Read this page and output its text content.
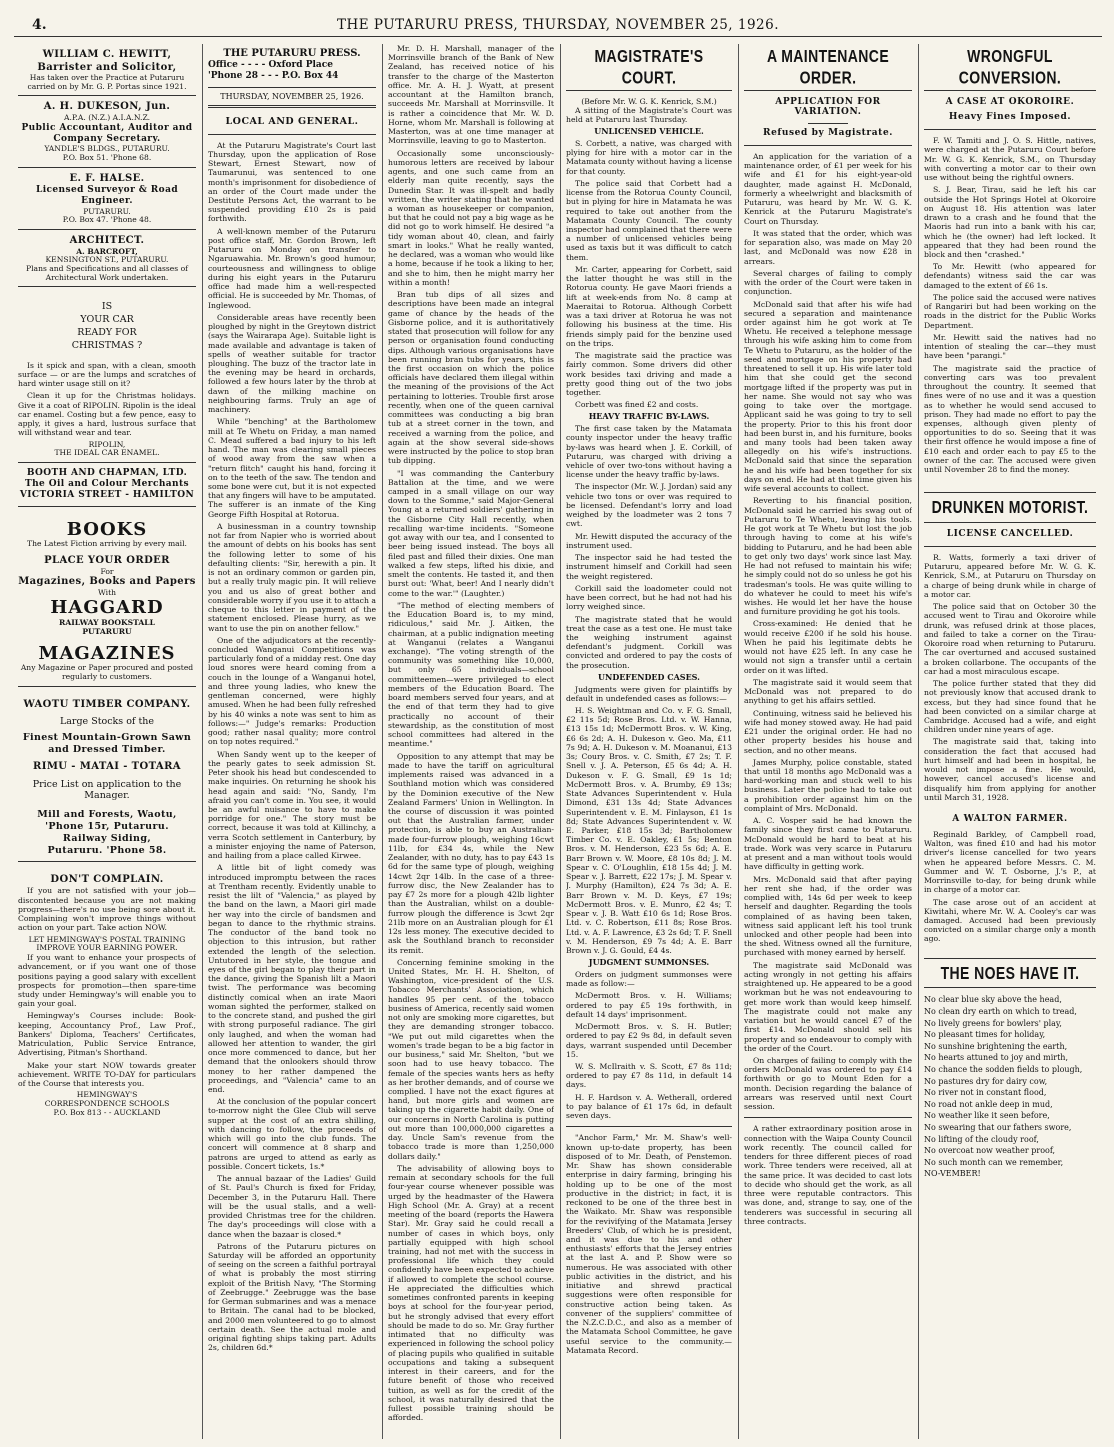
4.	THE PUTARURU PRESS, THURSDAY, NOVEMBER 25, 1926.
WILLIAM C. HEWITT,
Barrister and Solicitor,
Has taken over the Practice at Putaruru carried on by Mr. G. P. Portas since 1921.
A. H. DUKESON, Jun.
A.P.A. (N.Z.) A.I.A.N.Z.
Public Accountant, Auditor and Company Secretary.
YANDLE'S BLDGS., PUTARURU.
P.O. Box 51. 'Phone 68.
E. F. HALSE.
Licensed Surveyor & Road Engineer.
PUTARURU.
P.O. Box 47. 'Phone 48.
ARCHITECT.
A. BARCROFT,
KENSINGTON ST., PUTARURU.
Plans and Specifications and all classes of Architectural Work undertaken.
IS
YOUR CAR
READY FOR
CHRISTMAS ?

Is it spick and span, with a clean, smooth surface — or are the lumps and scratches of hard winter usage still on it?

Clean it up for the Christmas holidays. Give it a coat of RIPOLIN. Ripolin is the ideal car enamel. Costing but a few pence, easy to apply, it gives a hard, lustrous surface that will withstand wear and tear.

RIPOLIN,
THE IDEAL CAR ENAMEL.
BOOTH AND CHAPMAN, LTD.
The Oil and Colour Merchants
VICTORIA STREET - HAMILTON
BOOKS
The Latest Fiction arriving by every mail.
PLACE YOUR ORDER
For
Magazines, Books and Papers
With
HAGGARD
RAILWAY BOOKSTALL
PUTARURU
MAGAZINES
Any Magazine or Paper procured and posted regularly to customers.
WAOTU TIMBER COMPANY.
Large Stocks of the
Finest Mountain-Grown Sawn and Dressed Timber.
RIMU - MATAI - TOTARA
Price List on application to the Manager.
Mill and Forests, Waotu,
'Phone 15r, Putaruru.
Railway Siding,
Putaruru. 'Phone 58.
DON'T COMPLAIN.

If you are not satisfied with your job—discontented because you are not making progress—there's no use being sore about it. Complaining won't improve things without action on your part. Take action NOW.

LET HEMINGWAY'S POSTAL TRAINING IMPROVE YOUR EARNING POWER.

If you want to enhance your prospects of advancement, or if you want one of those positions paying a good salary with excellent prospects for promotion—then spare-time study under Hemingway's will enable you to gain your goal.

Hemingway's Courses include: Book-keeping, Accountancy Prof., Law Prof., Bankers' Diploma, Teachers' Certificates, Matriculation, Public Service Entrance, Advertising, Pitman's Shorthand.

Make your start NOW towards greater achievement. WRITE TO-DAY for particulars of the Course that interests you.

HEMINGWAY'S
CORRESPONDENCE SCHOOLS
P.O. Box 813 - - AUCKLAND
THE PUTARURU PRESS.
Office - - - - Oxford Place
'Phone 28 - - - P.O. Box 44
THURSDAY, NOVEMBER 25, 1926.
LOCAL AND GENERAL.

At the Putaruru Magistrate's Court last Thursday, upon the application of Rose Stewart, Ernest Stewart, now of Taumarunui, was sentenced to one month's imprisonment for disobedience of an order of the Court made under the Destitute Persons Act, the warrant to be suspended providing £10 2s is paid forthwith.

A well-known member of the Putaruru post office staff, Mr. Gordon Brown, left Putaruru on Monday on transfer to Ngaruawahia. Mr. Brown's good humour, courteousness and willingness to oblige during his eight years in the Putaruru office had made him a well-respected official. He is succeeded by Mr. Thomas, of Inglewood.

Considerable areas have recently been ploughed by night in the Greytown district (says the Wairarapa Age). Suitable light is made available and advantage is taken of spells of weather suitable for tractor ploughing. The buzz of the tractor late in the evening may be heard in orchards, followed a few hours later by the throb at dawn of the milking machine on neighbouring farms. Truly an age of machinery.

While "benching" at the Bartholomew mill at Te Whetu on Friday, a man named C. Mead suffered a bad injury to his left hand. The man was clearing small pieces of wood away from the saw when a "return flitch" caught his hand, forcing it on to the teeth of the saw. The tendon and some bone were cut, but it is not expected that any fingers will have to be amputated. The sufferer is an inmate of the King George Fifth Hospital at Rotorua.

A businessman in a country township not far from Napier who is worried about the amount of debts on his books has sent the following letter to some of his defaulting clients: "Sir, herewith a pin. It is not an ordinary common or garden pin, but a really truly magic pin. It will relieve you and us also of great bother and considerable worry if you use it to attach a cheque to this letter in payment of the statement enclosed. Please hurry, as we want to use the pin on another fellow."

One of the adjudicators at the recently-concluded Wanganui Competitions was particularly fond of a midday rest. One day loud snores were heard coming from a couch in the lounge of a Wanganui hotel, and three young ladies, who knew the gentleman concerned, were highly amused. When he had been fully refreshed by his 40 winks a note was sent to him as follows:—" Judge's remarks: Production good; rather nasal quality; more control on top notes required."

When Sandy went up to the keeper of the pearly gates to seek admission St. Peter shook his head but condescended to make inquiries. On returning he shook his head again and said: "No, Sandy, I'm afraid you can't come in. You see, it would be an awful nuisance to have to make porridge for one." The story must be correct, because it was told at Killinchy, a verra Scotch settlement in Canterbury, by a minister enjoying the name of Paterson, and hailing from a place called Kirwee.

A little bit of light comedy was introduced impromptu between the races at Trentham recently. Evidently unable to resist the lilt of "Valencia," as played by the band on the lawn, a Maori girl made her way into the circle of bandsmen and began to dance to the rhythmic strains. The conductor of the band took no objection to this intrusion, but rather extended the length of the selection. Untutored in her style, the tongue and eyes of the girl began to play their part in the dance, giving the Spanish lilt a Maori twist. The performance was becoming distinctly comical when an irate Maori woman sighted the performer, stalked on to the concrete stand, and pushed the girl with strong purposeful radiance. The girl only laughed, and when the woman had allowed her attention to wander, the girl once more commenced to dance, but her demand that the onlookers should throw money to her rather dampened the proceedings, and "Valencia" came to an end.

At the conclusion of the popular concert to-morrow night the Glee Club will serve supper at the cost of an extra shilling, with dancing to follow, the proceeds of which will go into the club funds. The concert will commence at 8 sharp and patrons are urged to attend as early as possible. Concert tickets, 1s.*

The annual bazaar of the Ladies' Guild of St. Paul's Church is fixed for Friday, December 3, in the Putaruru Hall. There will be the usual stalls, and a well-provided Christmas tree for the children. The day's proceedings will close with a dance when the bazaar is closed.*

Patrons of the Putaruru pictures on Saturday will be afforded an opportunity of seeing on the screen a faithful portrayal of what is probably the most stirring exploit of the British Navy, "The Storming of Zeebrugge." Zeebrugge was the base for German submarines and was a menace to Britain. The canal had to be blocked, and 2000 men volunteered to go to almost certain death. See the actual mole and original fighting ships taking part. Adults 2s, children 6d.*

Mr. D. H. Marshall, manager of the Morrinsville branch of the Bank of New Zealand, has received notice of his transfer to the charge of the Masterton office. Mr. A. H. J. Wyatt, at present accountant at the Hamilton branch, succeeds Mr. Marshall at Morrinsville. It is rather a coincidence that Mr. W. D. Horne, whom Mr. Marshall is following at Masterton, was at one time manager at Morrinsville, leaving to go to Masterton.

Occasionally some unconsciously-humorous letters are received by labour agents, and one such came from an elderly man quite recently, says the Dunedin Star. It was ill-spelt and badly written, the writer stating that he wanted a woman as housekeeper or companion, but that he could not pay a big wage as he did not go to work himself. He desired "a tidy woman about 40, clean, and fairly smart in looks." What he really wanted, he declared, was a woman who would like a home, because if he took a liking to her, and she to him, then he might marry her within a month!

Bran tub dips of all sizes and descriptions have been made an integral game of chance by the heads of the Gisborne police, and it is authoritatively stated that prosecution will follow for any person or organisation found conducting dips. Although various organisations have been running bran tubs for years, this is the first occasion on which the police officials have declared them illegal within the meaning of the provisions of the Act pertaining to lotteries. Trouble first arose recently, when one of the queen carnival committees was conducting a big bran tub at a street corner in the town, and received a warning from the police, and again at the show several side-shows were instructed by the police to stop bran tub dipping.

"I was commanding the Canterbury Battalion at the time, and we were camped in a small village on our way down to the Somme," said Major-General Young at a returned soldiers' gathering in the Gisborne City Hall recently, when recalling war-time incidents. "Someone got away with our tea, and I consented to beer being issued instead. The boys all filed past and filled their dixies. One man walked a few steps, lifted his dixie, and smelt the contents. He tasted it, and then burst out: 'What, beer! And I nearly didn't come to the war.'" (Laughter.)

"The method of electing members of the Education Board is, to my mind, ridiculous," said Mr. J. Aitken, the chairman, at a public indignation meeting at Wanganui (relates a Wanganui exchange). "The voting strength of the community was something like 10,000, but only 65 individuals—school committeemen—were privileged to elect members of the Education Board. The board members served four years, and at the end of that term they had to give practically no account of their stewardship, as the constitution of most school committees had altered in the meantime."

Opposition to any attempt that may be made to have the tariff on agricultural implements raised was advanced in a Southland motion which was considered by the Dominion executive of the New Zealand Farmers' Union in Wellington. In the course of discussion it was pointed out that the Australian farmer, under protection, is able to buy an Australian-made four-furrow plough, weighing 16cwt 11lb, for £34 4s, while the New Zealander, with no duty, has to pay £43 1s 6d for the same type of plough, weighing 14cwt 2qr 14lb. In the case of a three-furrow disc, the New Zealander has to pay £7 2s more for a plough 42lb lighter than the Australian, whilst on a double-furrow plough the difference is 3cwt 2qr 21lb more on an Australian plough for £1 12s less money. The executive decided to ask the Southland branch to reconsider its remit.

Concerning feminine smoking in the United States, Mr. H. H. Shelton, of Washington, vice-president of the U.S. Tobacco Merchants' Association, which handles 95 per cent. of the tobacco business of America, recently said women not only are smoking more cigarettes, but they are demanding stronger tobacco. "We put out mild cigarettes when the women's trade began to be a big factor in our business," said Mr. Shelton, "but we soon had to use heavy tobacco. The female of the species wants hers as hefty as her brother demands, and of course we complied. I have not the exact figures at hand, but more girls and women are taking up the cigarette habit daily. One of our concerns in North Carolina is putting out more than 100,000,000 cigarettes a day. Uncle Sam's revenue from the tobacco trade is more than 1,250,000 dollars daily."

The advisability of allowing boys to remain at secondary schools for the full four-year course whenever possible was urged by the headmaster of the Hawera High School (Mr. A. Gray) at a recent meeting of the board (reports the Hawera Star). Mr. Gray said he could recall a number of cases in which boys, only partially equipped with high school training, had not met with the success in professional life which they could confidently have been expected to achieve if allowed to complete the school course. He appreciated the difficulties which sometimes confronted parents in keeping boys at school for the four-year period, but he strongly advised that every effort should be made to do so. Mr. Gray further intimated that no difficulty was experienced in following the school policy of placing pupils who qualified in suitable occupations and taking a subsequent interest in their careers, and for the future benefit of those who received tuition, as well as for the credit of the school, it was naturally desired that the fullest possible training should be afforded.

MAGISTRATE'S COURT.
(Before Mr. W. G. K. Kenrick, S.M.)

A sitting of the Magistrate's Court was held at Putaruru last Thursday.

UNLICENSED VEHICLE.

S. Corbett, a native, was charged with plying for hire with a motor car in the Matamata county without having a license for that county.

The police said that Corbett had a license from the Rotorua County Council, but in plying for hire in Matamata he was required to take out another from the Matamata County Council. The county inspector had complained that there were a number of unlicensed vehicles being used as taxis but it was difficult to catch them.

Mr. Carter, appearing for Corbett, said the latter thought he was still in the Rotorua county. He gave Maori friends a lift at week-ends from No. 8 camp at Maeraitai to Rotorua. Although Corbett was a taxi driver at Rotorua he was not following his business at the time. His friends simply paid for the benzine used on the trips.

The magistrate said the practice was fairly common. Some drivers did other work besides taxi driving and made a pretty good thing out of the two jobs together.

Corbett was fined £2 and costs.

HEAVY TRAFFIC BY-LAWS.

The first case taken by the Matamata county inspector under the heavy traffic by-laws was heard when J. E. Corkill, of Putaruru, was charged with driving a vehicle of over two-tons without having a license under the heavy traffic by-laws.

The inspector (Mr. W. J. Jordan) said any vehicle two tons or over was required to be licensed. Defendant's lorry and load weighed by the loadmeter was 2 tons 7 cwt.

Mr. Hewitt disputed the accuracy of the instrument used.

The inspector said he had tested the instrument himself and Corkill had seen the weight registered.

Corkill said the loadometer could not have been correct, but he had not had his lorry weighed since.

The magistrate stated that he would treat the case as a test one. He must take the weighing instrument against defendant's judgment. Corkill was convicted and ordered to pay the costs of the prosecution.

UNDEFENDED CASES.

Judgments were given for plaintiffs by default in undefended cases as follows:—

H. S. Weightman and Co. v. F. G. Small, £2 11s 5d; Rose Bros. Ltd. v. W. Hanna, £13 15s 1d; McDermott Bros. v. W. King, £6 6s 2d; A. H. Dukeson v. Geo. Ma, £11 7s 9d; A. H. Dukeson v. M. Moananui, £13 3s; Coury Bros. v. C. Smith, £7 2s; T. F. Snell v. J. A. Peterson, £5 6s 4d; A. H. Dukeson v. F. G. Small, £9 1s 1d; McDermott Bros. v. A. Brumby, £9 13s; State Advances Superintendent v. Hula Dimond, £31 13s 4d; State Advances Superintendent v. E. M. Finlayson, £1 1s 8d; State Advances Superintendent v. W. E. Parker, £18 15s 3d; Bartholomew Timber Co. v. E. Oakley, £1 5s; Benton Bros. v. M. Henderson, £23 5s 6d; A. E. Barr Brown v. W. Moore, £8 10s 8d; J. M. Spear v. C. O'Loughlin, £18 15s 4d; J. M. Spear v. J. Barrett, £22 17s; J. M. Spear v. J. Murphy (Hamilton), £24 7s 3d; A. E. Barr Brown v. M. D. Keys, £7 19s; McDermott Bros. v. E. Munro, £2 4s; T. Spear v. J. B. Watt £10 6s 1d; Rose Bros. Ltd. v. C. Robertson, £11 8s; Rose Bros. Ltd. v. A. F. Lawrence, £3 2s 6d; T. F. Snell v. M. Henderson, £9 7s 4d; A. E. Barr Brown v. J. G. Gould, £4 4s.

JUDGMENT SUMMONSES.

Orders on judgment summonses were made as follow:—

McDermott Bros. v. H. Williams; ordered to pay £5 19s forthwith, in default 14 days' imprisonment.

McDermott Bros. v. S. H. Butler; ordered to pay £2 9s 8d, in default seven days, warrant suspended until December 15.

W. S. McIlraith v. S. Scott, £7 8s 11d; ordered to pay £7 8s 11d, in default 14 days.

H. F. Hardson v. A. Wetherall, ordered to pay balance of £1 17s 6d, in default seven days.

"Anchor Farm," Mr. M. Shaw's well-known up-to-date property, has been disposed of to Mr. Death, of Penstemon. Mr. Shaw has shown considerable enterprise in dairy farming, bringing his holding up to be one of the most productive in the district; in fact, it is reckoned to be one of the three best in the Waikato. Mr. Shaw was responsible for the revivifying of the Matamata Jersey Breeders' Club, of which he is president, and it was due to his and other enthusiasts' efforts that the Jersey entries at the last A. and P. Show were so numerous. He was associated with other public activities in the district, and his initiative and shrewd practical suggestions were often responsible for constructive action being taken. As convener of the suppliers' committee of the N.Z.C.D.C., and also as a member of the Matamata School Committee, he gave useful service to the community.—Matamata Record.

A MAINTENANCE ORDER.
APPLICATION FOR VARIATION.
Refused by Magistrate.

An application for the variation of a maintenance order, of £1 per week for his wife and £1 for his eight-year-old daughter, made against H. McDonald, formerly a wheelwright and blacksmith of Putaruru, was heard by Mr. W. G. K. Kenrick at the Putaruru Magistrate's Court on Thursday.

It was stated that the order, which was for separation also, was made on May 20 last, and McDonald was now £28 in arrears.

Several charges of failing to comply with the order of the Court were taken in conjunction.

McDonald said that after his wife had secured a separation and maintenance order against him he got work at Te Whetu. He received a telephone message through his wife asking him to come from Te Whetu to Putaruru, as the holder of the seed and mortgage on his property had threatened to sell it up. His wife later told him that she could get the second mortgage lifted if the property was put in her name. She would not say who was going to take over the mortgage. Applicant said he was going to try to sell the property. Prior to this his front door had been burst in, and his furniture, books and many tools had been taken away allegedly on his wife's instructions. McDonald said that since the separation he and his wife had been together for six days on end. He had at that time given his wife several accounts to collect.

Reverting to his financial position, McDonald said he carried his swag out of Putaruru to Te Whetu, leaving his tools. He got work at Te Whetu but lost the job through having to come at his wife's bidding to Putaruru, and he had been able to get only two days' work since last May. He had not refused to maintain his wife; he simply could not do so unless he got his tradesman's tools. He was quite willing to do whatever he could to meet his wife's wishes. He would let her have the house and furniture providing he got his tools.

Cross-examined: He denied that he would receive £200 if he sold his house. When he paid his legitimate debts he would not have £25 left. In any case he would not sign a transfer until a certain order on it was lifted.

The magistrate said it would seem that McDonald was not prepared to do anything to get his affairs settled.

Continuing, witness said he believed his wife had money stowed away. He had paid £21 under the original order. He had no other property besides his house and section, and no other means.

James Murphy, police constable, stated that until 18 months ago McDonald was a hard-working man and stuck well to his business. Later the police had to take out a prohibition order against him on the complaint of Mrs. McDonald.

A. C. Vosper said he had known the family since they first came to Putaruru. McDonald would be hard to beat at his trade. Work was very scarce in Putaruru at present and a man without tools would have difficulty in getting work.

Mrs. McDonald said that after paying her rent she had, if the order was complied with, 14s 6d per week to keep herself and daughter. Regarding the tools complained of as having been taken, witness said applicant left his tool trunk unlocked and other people had been into the shed. Witness owned all the furniture, purchased with money earned by herself.

The magistrate said McDonald was acting wrongly in not getting his affairs straightened up. He appeared to be a good workman but he was not endeavouring to get more work than would keep himself. The magistrate could not make any variation but he would cancel £7 of the first £14. McDonald should sell his property and so endeavour to comply with the order of the Court.

On charges of failing to comply with the orders McDonald was ordered to pay £14 forthwith or go to Mount Eden for a month. Decision regarding the balance of arrears was reserved until next Court session.

A rather extraordinary position arose in connection with the Waipa County Council work recently. The council called for tenders for three different pieces of road work. Three tenders were received, all at the same price. It was decided to cast lots to decide who should get the work, as all three were reputable contractors. This was done, and, strange to say, one of the tenderers was successful in securing all three contracts.

WRONGFUL CONVERSION.
A CASE AT OKOROIRE.
Heavy Fines Imposed.

F. W. Tamiti and J. O. S. Hittle, natives, were charged at the Putaruru Court before Mr. W. G. K. Kenrick, S.M., on Thursday with converting a motor car to their own use without being the rightful owners.

S. J. Bear, Tirau, said he left his car outside the Hot Springs Hotel at Okoroire on August 18. His attention was later drawn to a crash and he found that the Maoris had run into a bank with his car, which he (the owner) had left locked. It appeared that they had been round the block and then "crashed."

To Mr. Hewitt (who appeared for defendants) witness said the car was damaged to the extent of £6 1s.

The police said the accused were natives of Rangariri but had been working on the roads in the district for the Public Works Department.

Mr. Hewitt said the natives had no intention of stealing the car—they must have been "parangi."

The magistrate said the practice of converting cars was too prevalent throughout the country. It seemed that fines were of no use and it was a question as to whether he would send accused to prison. They had made no effort to pay the expenses, although given plenty of opportunities to do so. Seeing that it was their first offence he would impose a fine of £10 each and order each to pay £5 to the owner of the car. The accused were given until November 28 to find the money.

DRUNKEN MOTORIST.
LICENSE CANCELLED.

R. Watts, formerly a taxi driver of Putaruru, appeared before Mr. W. G. K. Kenrick, S.M., at Putaruru on Thursday on a charge of being drunk while in charge of a motor car.

The police said that on October 30 the accused went to Tirau and Okoroire while drunk, was refused drink at those places, and failed to take a corner on the Tirau-Okoroire road when returning to Putaruru. The car overturned and accused sustained a broken collarbone. The occupants of the car had a most miraculous escape.

The police further stated that they did not previously know that accused drank to excess, but they had since found that he had been convicted on a similar charge at Cambridge. Accused had a wife, and eight children under nine years of age.

The magistrate said that, taking into consideration the fact that accused had hurt himself and had been in hospital, he would not impose a fine. He would, however, cancel accused's license and disqualify him from applying for another until March 31, 1928.

A WALTON FARMER.

Reginald Barkley, of Campbell road, Walton, was fined £10 and had his motor driver's license cancelled for two years when he appeared before Messrs. C. M. Gummer and W. T. Osborne, J.'s P., at Morrinsville to-day, for being drunk while in charge of a motor car.

The case arose out of an accident at Kiwitahi, where Mr. W. A. Cooley's car was damaged. Accused had been previously convicted on a similar charge only a month ago.

THE NOES HAVE IT.
No clear blue sky above the head,
No clean dry earth on which to tread,
No lively greens for bowlers' play,
No pleasant times for holiday,
No sunshine brightening the earth,
No hearts attuned to joy and mirth,
No chance the sodden fields to plough,
No pastures dry for dairy cow,
No river not in constant flood,
No road not ankle deep in mud,
No weather like it seen before,
No swearing that our fathers swore,
No lifting of the cloudy roof,
No overcoat now weather proof,
No such month can we remember,
NO-VEMBER!
